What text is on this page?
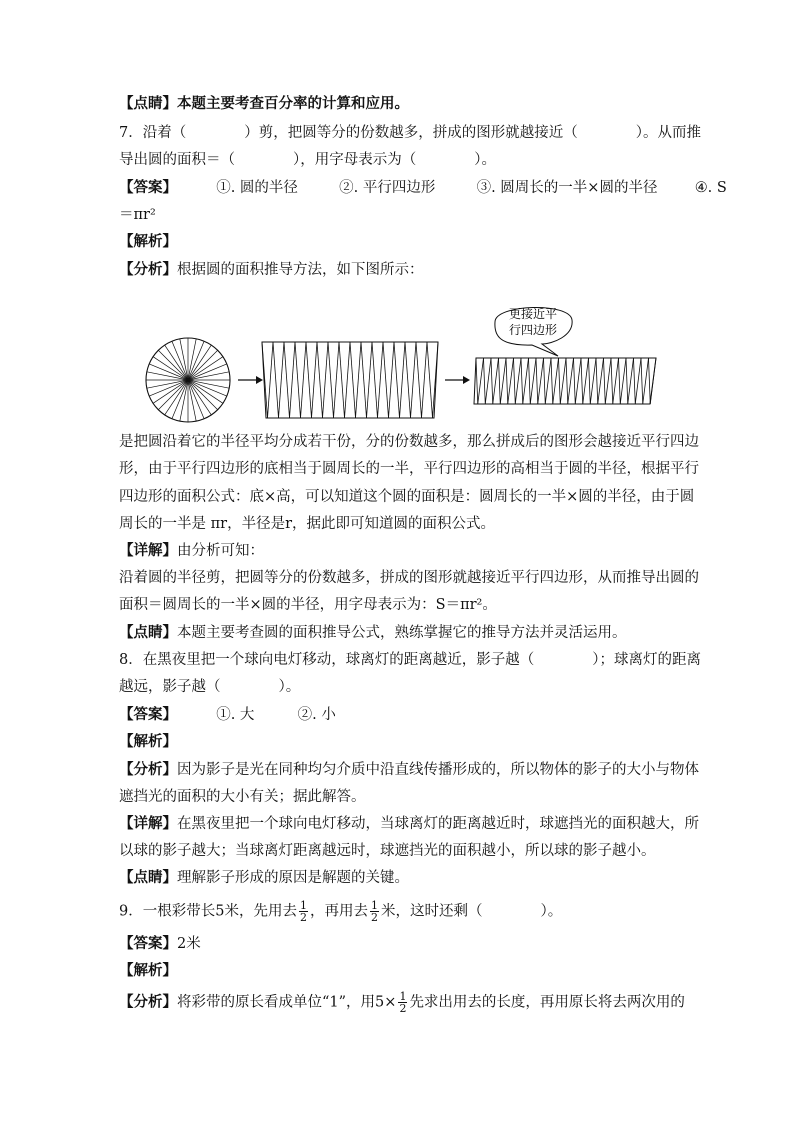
【点睛】本题主要考查百分率的计算和应用。
7．沿着（　　　　）剪，把圆等分的份数越多，拼成的图形就越接近（　　　　）。从而推
导出圆的面积＝（　　　　），用字母表示为（　　　　）。
【答案】	①. 圆的半径	②. 平行四边形	③. 圆周长的一半×圆的半径	④. S
＝πr²
【解析】
【分析】根据圆的面积推导方法，如下图所示：
更接近平
行四边形
是把圆沿着它的半径平均分成若干份，分的份数越多，那么拼成后的图形会越接近平行四边
形，由于平行四边形的底相当于圆周长的一半，平行四边形的高相当于圆的半径，根据平行
四边形的面积公式：底×高，可以知道这个圆的面积是：圆周长的一半×圆的半径，由于圆
周长的一半是 πr，半径是r，据此即可知道圆的面积公式。
【详解】由分析可知：
沿着圆的半径剪，把圆等分的份数越多，拼成的图形就越接近平行四边形，从而推导出圆的
面积＝圆周长的一半×圆的半径，用字母表示为：S＝πr²。
【点睛】本题主要考查圆的面积推导公式，熟练掌握它的推导方法并灵活运用。
8．在黑夜里把一个球向电灯移动，球离灯的距离越近，影子越（　　　　）；球离灯的距离
越远，影子越（　　　　）。
【答案】	①. 大	②. 小
【解析】
【分析】因为影子是光在同种均匀介质中沿直线传播形成的，所以物体的影子的大小与物体
遮挡光的面积的大小有关；据此解答。
【详解】在黑夜里把一个球向电灯移动，当球离灯的距离越近时，球遮挡光的面积越大，所
以球的影子越大；当球离灯距离越远时，球遮挡光的面积越小，所以球的影子越小。
【点睛】理解影子形成的原因是解题的关键。
9．一根彩带长5米，先用去 $\frac{1}{2}$ ，再用去 $\frac{1}{2}$ 米，这时还剩（　　　　）。
【答案】2米
【解析】
【分析】将彩带的原长看成单位“1”，用$5\times \frac{1}{2}$ 先求出用去的长度，再用原长将去两次用的
